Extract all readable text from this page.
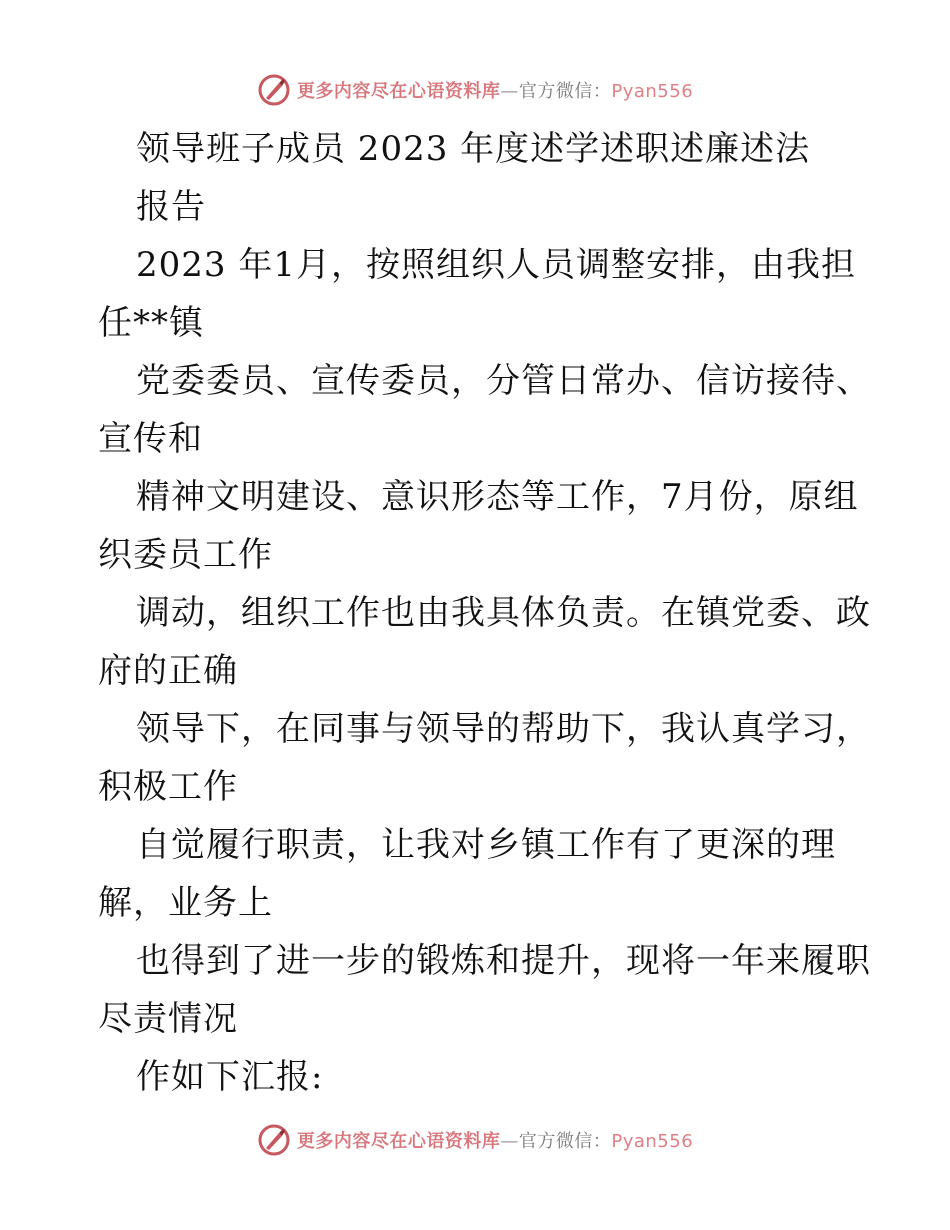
更多内容尽在心语资料库—官方微信：Pyan556
领导班子成员 2023 年度述学述职述廉述法
报告
2023 年1月，按照组织人员调整安排，由我担
任**镇
党委委员、宣传委员，分管日常办、信访接待、
宣传和
精神文明建设、意识形态等工作，7月份，原组
织委员工作
调动，组织工作也由我具体负责。在镇党委、政
府的正确
领导下，在同事与领导的帮助下，我认真学习，
积极工作
自觉履行职责，让我对乡镇工作有了更深的理
解，业务上
也得到了进一步的锻炼和提升，现将一年来履职
尽责情况
作如下汇报:
更多内容尽在心语资料库—官方微信：Pyan556
